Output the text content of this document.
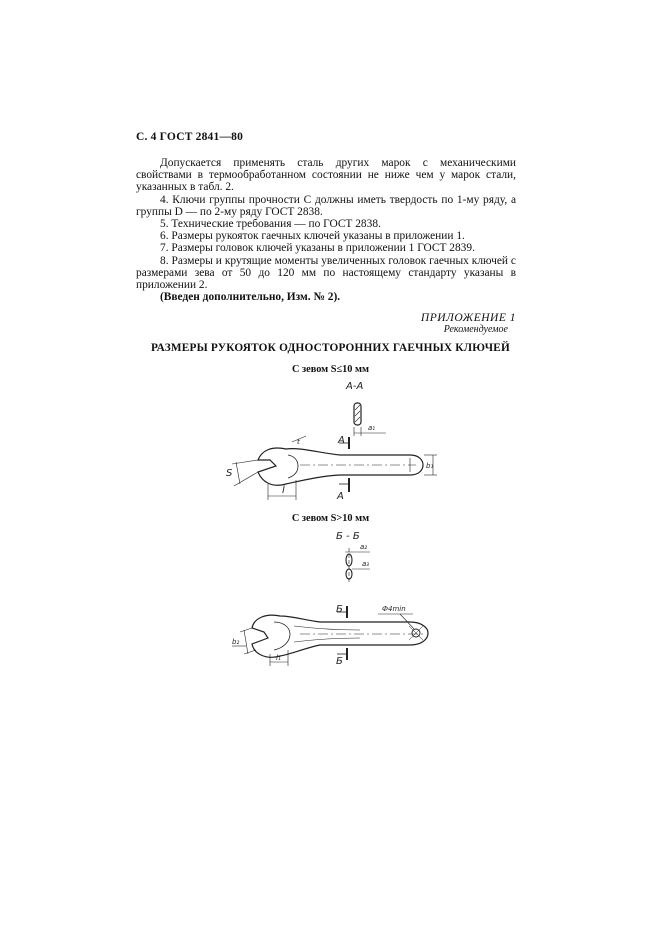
С. 4 ГОСТ 2841—80

Допускается применять сталь других марок с механическими свойствами в термообработанном состоянии не ниже чем у марок стали, указанных в табл. 2.

4. Ключи группы прочности С должны иметь твердость по 1-му ряду, а группы D — по 2-му ряду ГОСТ 2838.

5. Технические требования — по ГОСТ 2838.

6. Размеры рукояток гаечных ключей указаны в приложении 1.

7. Размеры головок ключей указаны в приложении 1 ГОСТ 2839.

8. Размеры и крутящие моменты увеличенных головок гаечных ключей с размерами зева от 50 до 120 мм по настоящему стандарту указаны в приложении 2.

(Введен дополнительно, Изм. № 2).

ПРИЛОЖЕНИЕ 1
Рекомендуемое
РАЗМЕРЫ РУКОЯТОК ОДНОСТОРОННИХ ГАЕЧНЫХ КЛЮЧЕЙ
С зевом S≤10 мм
С зевом S>10 мм
А-А
a₁
А
А
b₁
S
t
l
Б - Б
a₂
a₃
Б
Б
Ф4min
b₂
l₁
